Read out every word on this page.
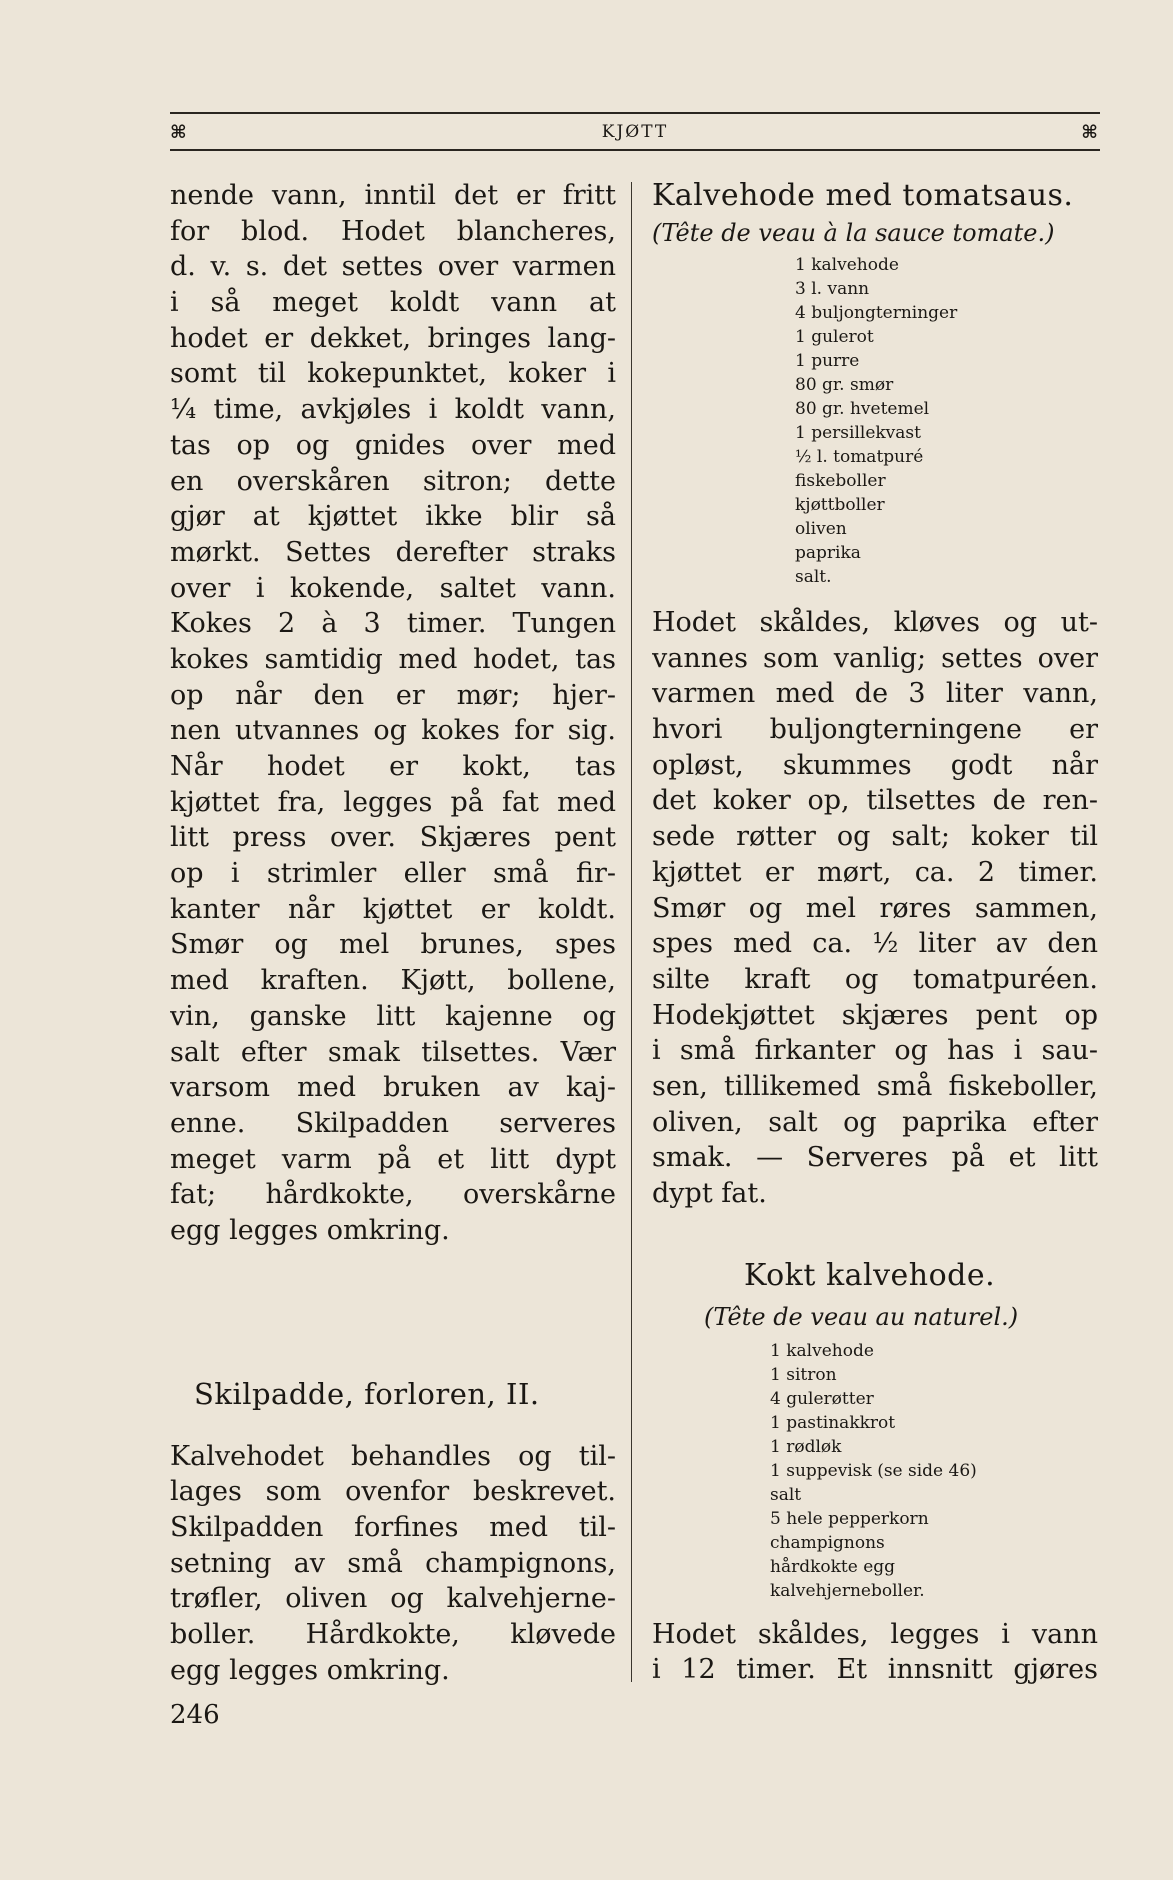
⌘	KJØTT	⌘
nende vann, inntil det er fritt
for blod. Hodet blancheres,
d. v. s. det settes over varmen
i så meget koldt vann at
hodet er dekket, bringes lang-
somt til kokepunktet, koker i
¼ time, avkjøles i koldt vann,
tas op og gnides over med
en overskåren sitron; dette
gjør at kjøttet ikke blir så
mørkt. Settes derefter straks
over i kokende, saltet vann.
Kokes 2 à 3 timer. Tungen
kokes samtidig med hodet, tas
op når den er mør; hjer-
nen utvannes og kokes for sig.
Når hodet er kokt, tas
kjøttet fra, legges på fat med
litt press over. Skjæres pent
op i strimler eller små fir-
kanter når kjøttet er koldt.
Smør og mel brunes, spes
med kraften. Kjøtt, bollene,
vin, ganske litt kajenne og
salt efter smak tilsettes. Vær
varsom med bruken av kaj-
enne. Skilpadden serveres
meget varm på et litt dypt
fat; hårdkokte, overskårne
egg legges omkring.
Skilpadde, forloren, II.
Kalvehodet behandles og til-
lages som ovenfor beskrevet.
Skilpadden forfines med til-
setning av små champignons,
trøfler, oliven og kalvehjerne-
boller. Hårdkokte, kløvede
egg legges omkring.
Kalvehode med tomatsaus.
(Tête de veau à la sauce tomate.)
1 kalvehode
3 l. vann
4 buljongterninger
1 gulerot
1 purre
80 gr. smør
80 gr. hvetemel
1 persillekvast
½ l. tomatpuré
fiskeboller
kjøttboller
oliven
paprika
salt.
Hodet skåldes, kløves og ut-
vannes som vanlig; settes over
varmen med de 3 liter vann,
hvori buljongterningene er
opløst, skummes godt når
det koker op, tilsettes de ren-
sede røtter og salt; koker til
kjøttet er mørt, ca. 2 timer.
Smør og mel røres sammen,
spes med ca. ½ liter av den
silte kraft og tomatpuréen.
Hodekjøttet skjæres pent op
i små firkanter og has i sau-
sen, tillikemed små fiskeboller,
oliven, salt og paprika efter
smak. — Serveres på et litt
dypt fat.
Kokt kalvehode.
(Tête de veau au naturel.)
1 kalvehode
1 sitron
4 gulerøtter
1 pastinakkrot
1 rødløk
1 suppevisk (se side 46)
salt
5 hele pepperkorn
champignons
hårdkokte egg
kalvehjerneboller.
Hodet skåldes, legges i vann
i 12 timer. Et innsnitt gjøres
246
